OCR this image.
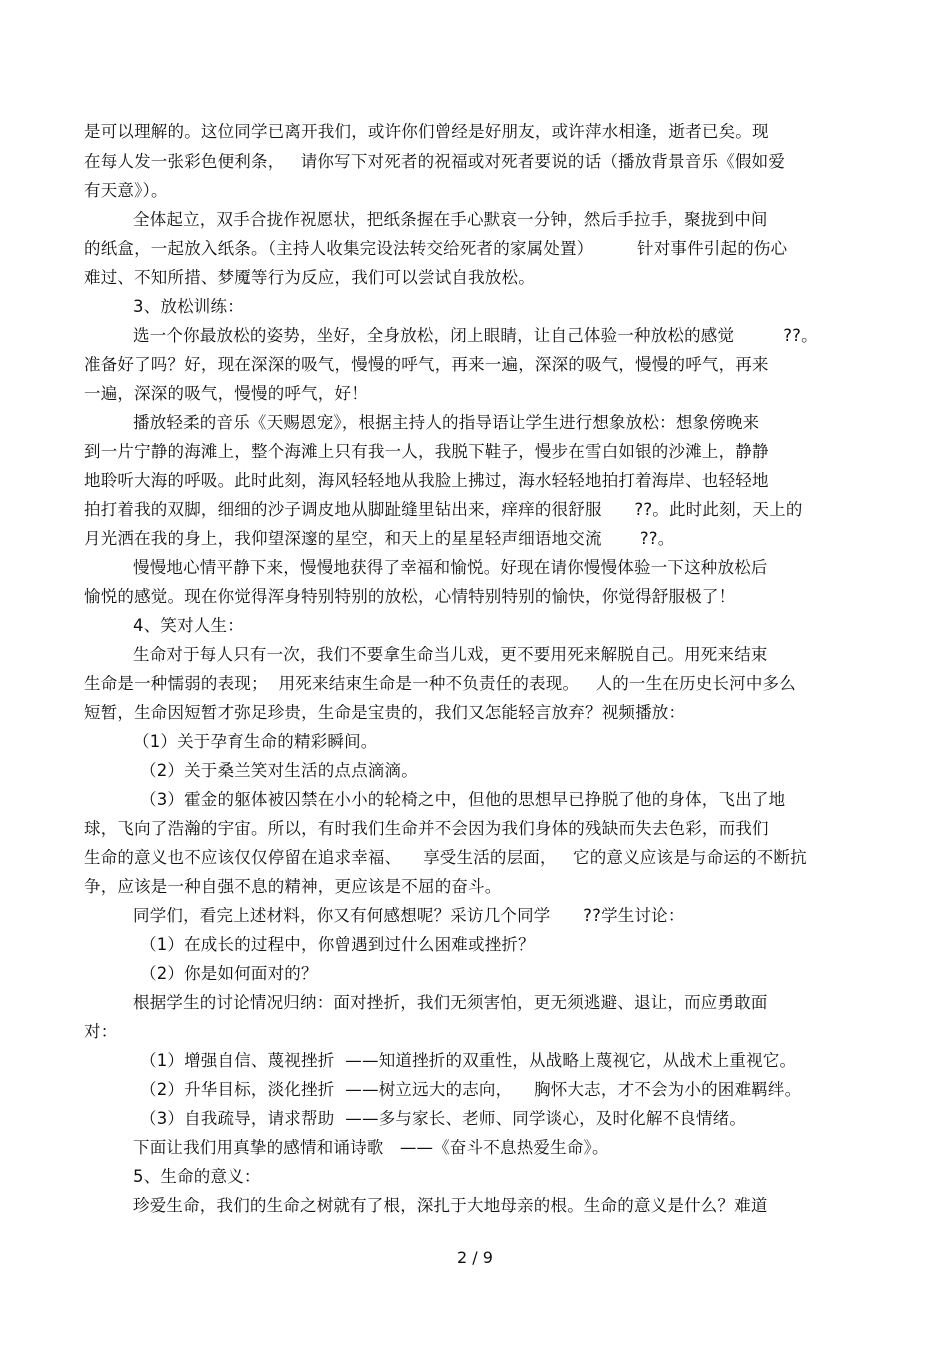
是可以理解的。这位同学已离开我们，或许你们曾经是好朋友，或许萍水相逢，逝者已矣。现
在每人发一张彩色便利条，   请你写下对死者的祝福或对死者要说的话（播放背景音乐《假如爱
有天意》）。
全体起立，双手合拢作祝愿状，把纸条握在手心默哀一分钟，然后手拉手，聚拢到中间
的纸盒，一起放入纸条。（主持人收集完设法转交给死者的家属处置）        针对事件引起的伤心
难过、不知所措、梦魇等行为反应，我们可以尝试自我放松。
3、放松训练：
选一个你最放松的姿势，坐好，全身放松，闭上眼睛，让自己体验一种放松的感觉         ??。
准备好了吗？好，现在深深的吸气，慢慢的呼气，再来一遍，深深的吸气，慢慢的呼气，再来
一遍，深深的吸气，慢慢的呼气，好！
播放轻柔的音乐《天赐恩宠》，根据主持人的指导语让学生进行想象放松：想象傍晚来
到一片宁静的海滩上，整个海滩上只有我一人，我脱下鞋子，慢步在雪白如银的沙滩上，静静
地聆听大海的呼吸。此时此刻，海风轻轻地从我脸上拂过，海水轻轻地拍打着海岸、也轻轻地
拍打着我的双脚，细细的沙子调皮地从脚趾缝里钻出来，痒痒的很舒服      ??。此时此刻，天上的
月光洒在我的身上，我仰望深邃的星空，和天上的星星轻声细语地交流       ??。
慢慢地心情平静下来，慢慢地获得了幸福和愉悦。好现在请你慢慢体验一下这种放松后
愉悦的感觉。现在你觉得浑身特别特别的放松，心情特别特别的愉快，你觉得舒服极了！
4、笑对人生：
生命对于每人只有一次，我们不要拿生命当儿戏，更不要用死来解脱自己。用死来结束
生命是一种懦弱的表现；  用死来结束生命是一种不负责任的表现。   人的一生在历史长河中多么
短暂，生命因短暂才弥足珍贵，生命是宝贵的，我们又怎能轻言放弃？视频播放：
（1）关于孕育生命的精彩瞬间。
（2）关于桑兰笑对生活的点点滴滴。
（3）霍金的躯体被囚禁在小小的轮椅之中，但他的思想早已挣脱了他的身体，飞出了地
球，飞向了浩瀚的宇宙。所以，有时我们生命并不会因为我们身体的残缺而失去色彩，而我们
生命的意义也不应该仅仅停留在追求幸福、    享受生活的层面，   它的意义应该是与命运的不断抗
争，应该是一种自强不息的精神，更应该是不屈的奋斗。
同学们，看完上述材料，你又有何感想呢？采访几个同学      ??学生讨论：
（1）在成长的过程中，你曾遇到过什么困难或挫折？
（2）你是如何面对的？
根据学生的讨论情况归纳：面对挫折，我们无须害怕，更无须逃避、退让，而应勇敢面
对：
（1）增强自信、蔑视挫折  ——知道挫折的双重性，从战略上蔑视它，从战术上重视它。
（2）升华目标，淡化挫折  ——树立远大的志向，    胸怀大志，才不会为小的困难羁绊。
（3）自我疏导，请求帮助  ——多与家长、老师、同学谈心，及时化解不良情绪。
下面让我们用真挚的感情和诵诗歌   ——《奋斗不息热爱生命》。
5、生命的意义：
珍爱生命，我们的生命之树就有了根，深扎于大地母亲的根。生命的意义是什么？难道
2 / 9
